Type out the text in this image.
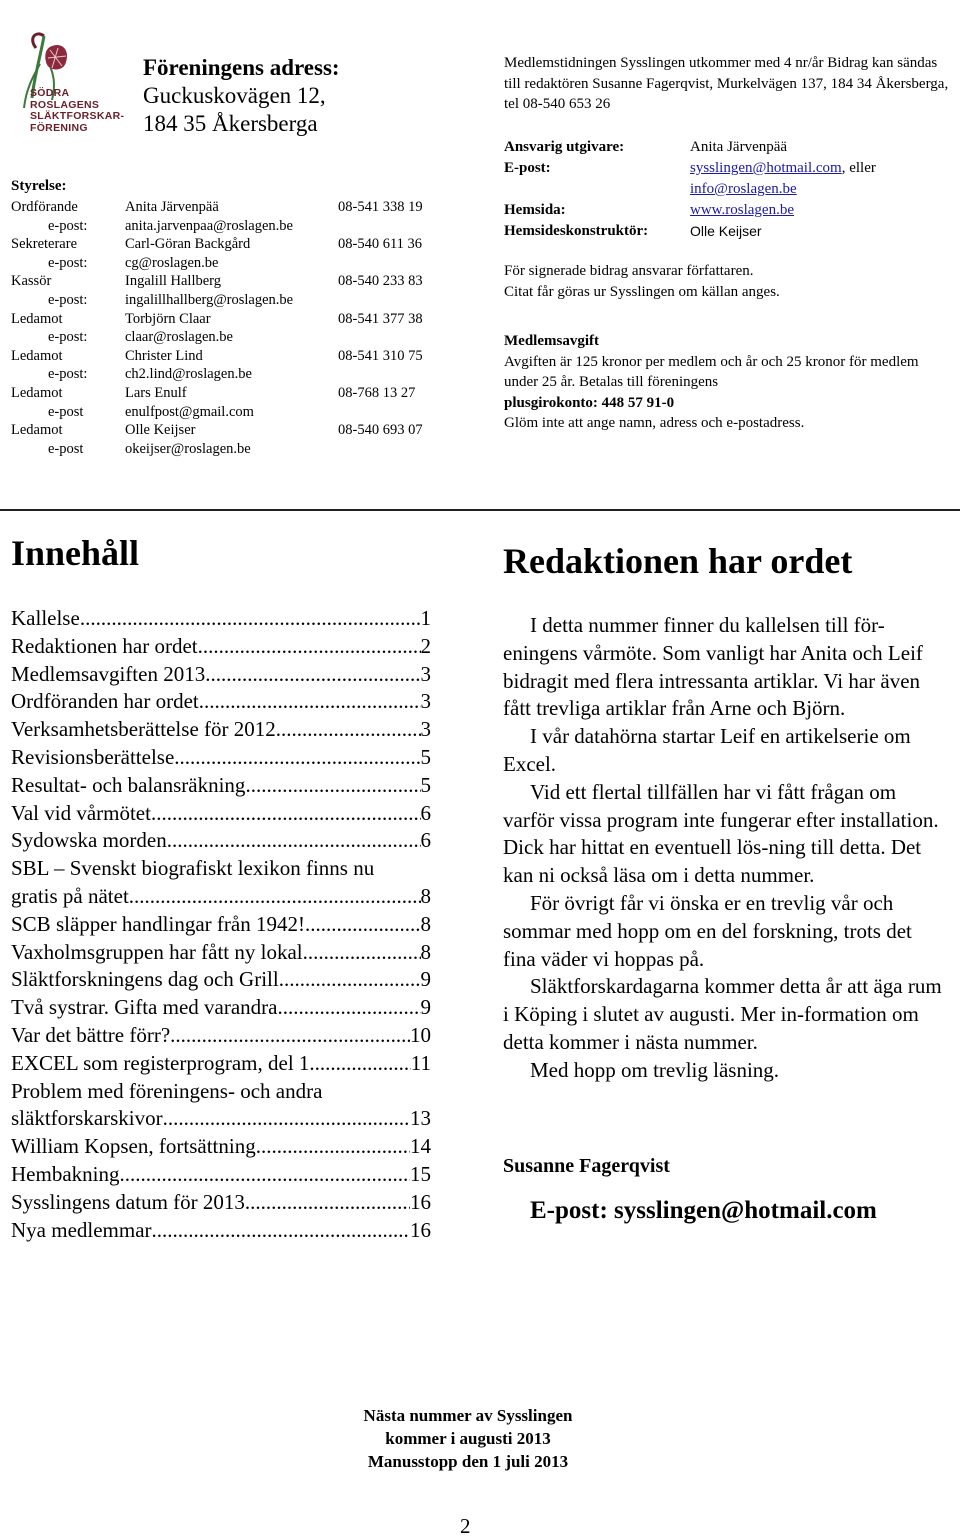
SÖDRA
ROSLAGENS
SLÄKTFORSKAR-
FÖRENING
Föreningens adress:
Guckuskovägen 12,
184 35 Åkersberga
Styrelse:
Ordförande	Anita Järvenpää	08-541 338 19
e-post:	anita.jarvenpaa@roslagen.be
Sekreterare	Carl-Göran Backgård	08-540 611 36
e-post:	cg@roslagen.be
Kassör	Ingalill Hallberg	08-540 233 83
e-post:	ingalillhallberg@roslagen.be
Ledamot	Torbjörn Claar	08-541 377 38
e-post:	claar@roslagen.be
Ledamot	Christer Lind	08-541 310 75
e-post:	ch2.lind@roslagen.be
Ledamot	Lars Enulf	08-768 13 27
e-post	enulfpost@gmail.com
Ledamot	Olle Keijser	08-540 693 07
e-post	okeijser@roslagen.be
Medlemstidningen Sysslingen utkommer med 4 nr/år Bidrag kan sändas till redaktören Susanne Fagerqvist, Murkelvägen 137, 184 34 Åkersberga, tel 08-540 653 26
Ansvarig utgivare:	Anita Järvenpää
E-post:	sysslingen@hotmail.com, eller
info@roslagen.be
Hemsida:	www.roslagen.be
Hemsideskonstruktör:	Olle Keijser
För signerade bidrag ansvarar författaren.
Citat får göras ur Sysslingen om källan anges.
Medlemsavgift
Avgiften är 125 kronor per medlem och år och 25 kronor för medlem under 25 år. Betalas till föreningens
plusgirokonto: 448 57 91-0
Glöm inte att ange namn, adress och e-postadress.
Innehåll
Kallelse .....	1
Redaktionen har ordet .....	2
Medlemsavgiften 2013 .....	3
Ordföranden har ordet .....	3
Verksamhetsberättelse för 2012 .....	3
Revisionsberättelse .....	5
Resultat- och balansräkning .....	5
Val vid vårmötet .....	6
Sydowska morden .....	6
SBL – Svenskt biografiskt lexikon finns nu
gratis på nätet .....	8
SCB släpper handlingar från 1942! .....	8
Vaxholmsgruppen har fått ny lokal .....	8
Släktforskningens dag och Grill .....	9
Två systrar. Gifta med varandra .....	9
Var det bättre förr? .....	10
EXCEL som registerprogram, del 1 .....	11
Problem med föreningens- och andra
släktforskarskivor .....	13
William Kopsen, fortsättning .....	14
Hembakning .....	15
Sysslingens datum för 2013 .....	16
Nya medlemmar .....	16
Redaktionen har ordet

I detta nummer finner du kallelsen till för-eningens vårmöte. Som vanligt har Anita och Leif bidragit med flera intressanta artiklar. Vi har även fått trevliga artiklar från Arne och Björn.

I vår datahörna startar Leif en artikelserie om Excel.

Vid ett flertal tillfällen har vi fått frågan om varför vissa program inte fungerar efter installation. Dick har hittat en eventuell lös-ning till detta. Det kan ni också läsa om i detta nummer.

För övrigt får vi önska er en trevlig vår och sommar med hopp om en del forskning, trots det fina väder vi hoppas på.

Släktforskardagarna kommer detta år att äga rum i Köping i slutet av augusti. Mer in-formation om detta kommer i nästa nummer.

Med hopp om trevlig läsning.

Susanne Fagerqvist
E-post: sysslingen@hotmail.com
Nästa nummer av Sysslingen
kommer i augusti 2013
Manusstopp den 1 juli 2013
2
